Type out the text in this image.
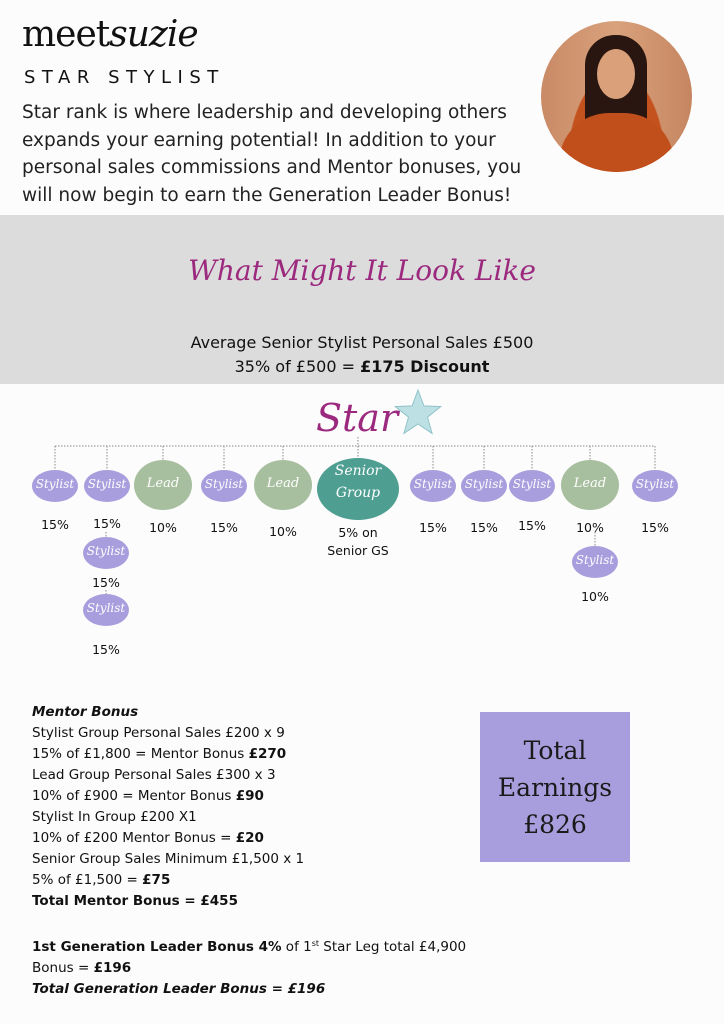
meetsuzie
STAR STYLIST
Star rank is where leadership and developing others
expands your earning potential! In addition to your
personal sales commissions and Mentor bonuses, you
will now begin to earn the Generation Leader Bonus!
What Might It Look Like
Average Senior Stylist Personal Sales £500
35% of £500 = £175 Discount
Star
Stylist
15%
Stylist
15%
Lead
10%
Stylist
15%
Lead
10%
Senior
Group
5% on
Senior GS
Stylist
15%
Stylist
15%
Stylist
15%
Lead
10%
Stylist
15%
Stylist
15%
Stylist
15%
Stylist
10%
Mentor Bonus
Stylist Group Personal Sales £200 x 9
15% of £1,800 = Mentor Bonus £270
Lead Group Personal Sales £300 x 3
10% of £900 = Mentor Bonus £90
Stylist In Group £200 X1
10% of £200 Mentor Bonus = £20
Senior Group Sales Minimum £1,500 x 1
5% of £1,500 = £75
Total Mentor Bonus = £455
1st Generation Leader Bonus 4% of 1st Star Leg total £4,900
Bonus = £196
Total Generation Leader Bonus = £196
Total
Earnings
£826
